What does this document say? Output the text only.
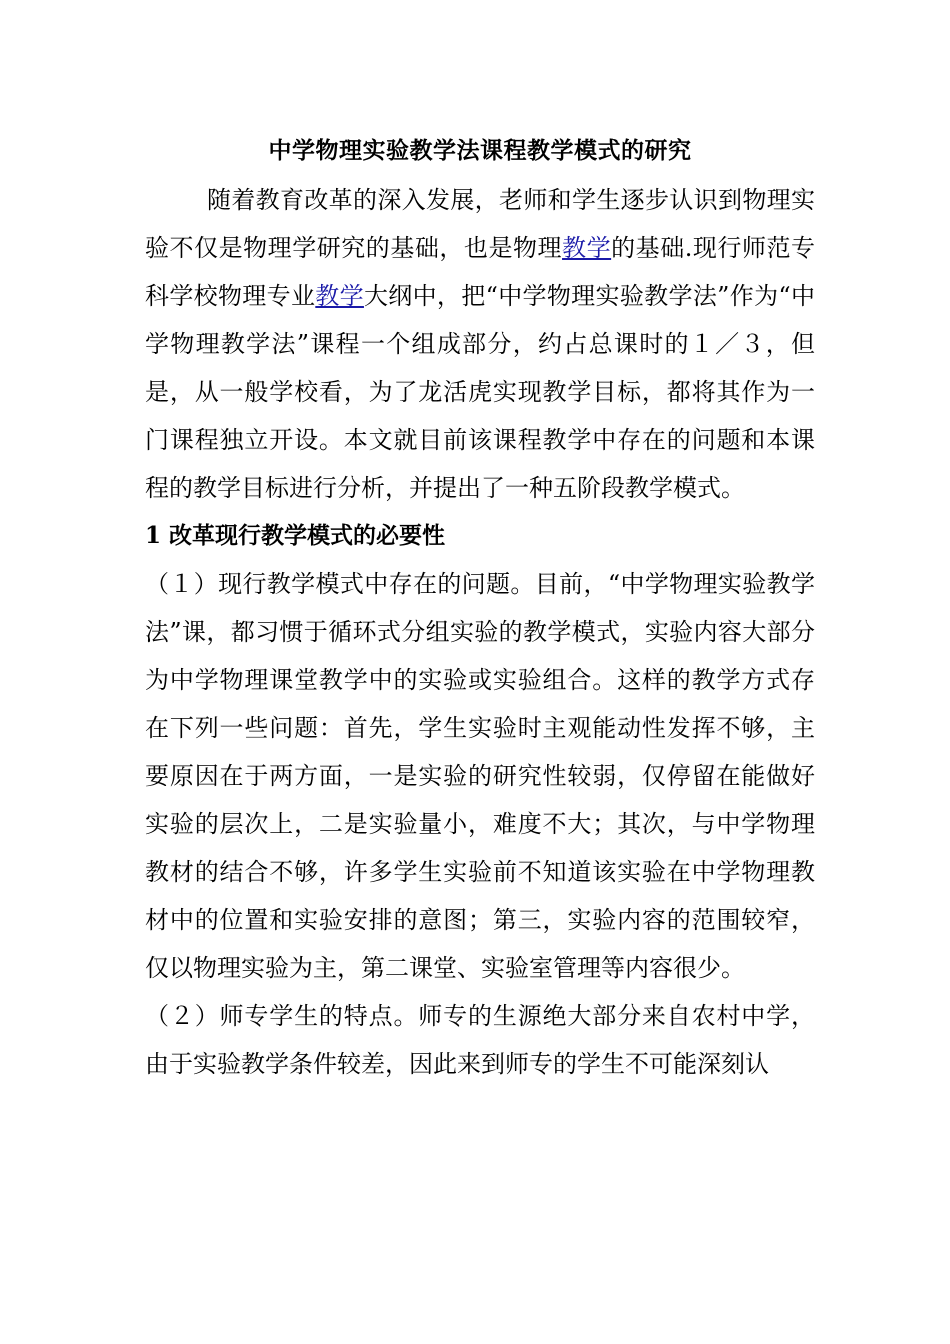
中学物理实验教学法课程教学模式的研究

随着教育改革的深入发展，老师和学生逐步认识到物理实验不仅是物理学研究的基础，也是物理教学的基础.现行师范专科学校物理专业教学大纲中，把“中学物理实验教学法”作为“中学物理教学法”课程一个组成部分，约占总课时的１／３，但是，从一般学校看，为了龙活虎实现教学目标，都将其作为一门课程独立开设。本文就目前该课程教学中存在的问题和本课程的教学目标进行分析，并提出了一种五阶段教学模式。

1 改革现行教学模式的必要性

（１）现行教学模式中存在的问题。目前，“中学物理实验教学法”课，都习惯于循环式分组实验的教学模式，实验内容大部分为中学物理课堂教学中的实验或实验组合。这样的教学方式存在下列一些问题：首先，学生实验时主观能动性发挥不够，主要原因在于两方面，一是实验的研究性较弱，仅停留在能做好实验的层次上，二是实验量小，难度不大；其次，与中学物理教材的结合不够，许多学生实验前不知道该实验在中学物理教材中的位置和实验安排的意图；第三，实验内容的范围较窄，仅以物理实验为主，第二课堂、实验室管理等内容很少。

（２）师专学生的特点。师专的生源绝大部分来自农村中学，由于实验教学条件较差，因此来到师专的学生不可能深刻认
